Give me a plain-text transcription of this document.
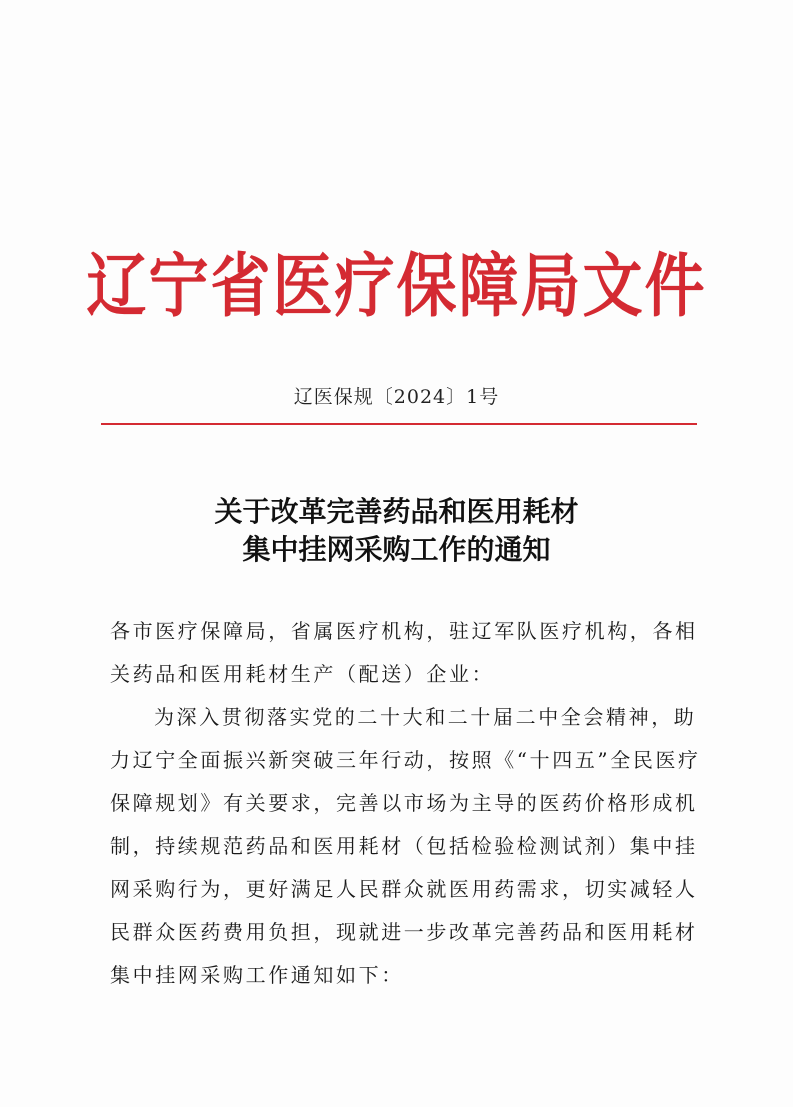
辽宁省医疗保障局文件
辽医保规〔2024〕1号
关于改革完善药品和医用耗材
集中挂网采购工作的通知

各市医疗保障局，省属医疗机构，驻辽军队医疗机构，各相关药品和医用耗材生产（配送）企业：

为深入贯彻落实党的二十大和二十届二中全会精神，助力辽宁全面振兴新突破三年行动，按照《“十四五”全民医疗保障规划》有关要求，完善以市场为主导的医药价格形成机制，持续规范药品和医用耗材（包括检验检测试剂）集中挂网采购行为，更好满足人民群众就医用药需求，切实减轻人民群众医药费用负担，现就进一步改革完善药品和医用耗材集中挂网采购工作通知如下：
